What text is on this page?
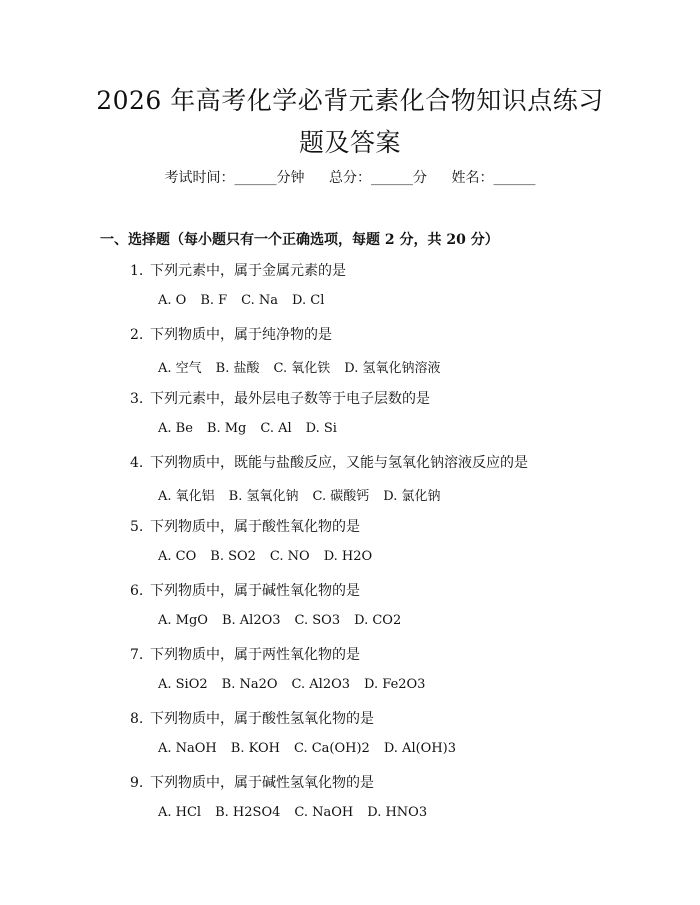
2026 年高考化学必背元素化合物知识点练习
题及答案
考试时间：______分钟 总分：______分 姓名：______
一、选择题（每小题只有一个正确选项，每题 2 分，共 20 分）
1. 下列元素中，属于金属元素的是
A. O B. F C. Na D. Cl
2. 下列物质中，属于纯净物的是
A. 空气 B. 盐酸 C. 氧化铁 D. 氢氧化钠溶液
3. 下列元素中，最外层电子数等于电子层数的是
A. Be B. Mg C. Al D. Si
4. 下列物质中，既能与盐酸反应，又能与氢氧化钠溶液反应的是
A. 氧化铝 B. 氢氧化钠 C. 碳酸钙 D. 氯化钠
5. 下列物质中，属于酸性氧化物的是
A. CO B. SO2 C. NO D. H2O
6. 下列物质中，属于碱性氧化物的是
A. MgO B. Al2O3 C. SO3 D. CO2
7. 下列物质中，属于两性氧化物的是
A. SiO2 B. Na2O C. Al2O3 D. Fe2O3
8. 下列物质中，属于酸性氢氧化物的是
A. NaOH B. KOH C. Ca(OH)2 D. Al(OH)3
9. 下列物质中，属于碱性氢氧化物的是
A. HCl B. H2SO4 C. NaOH D. HNO3
